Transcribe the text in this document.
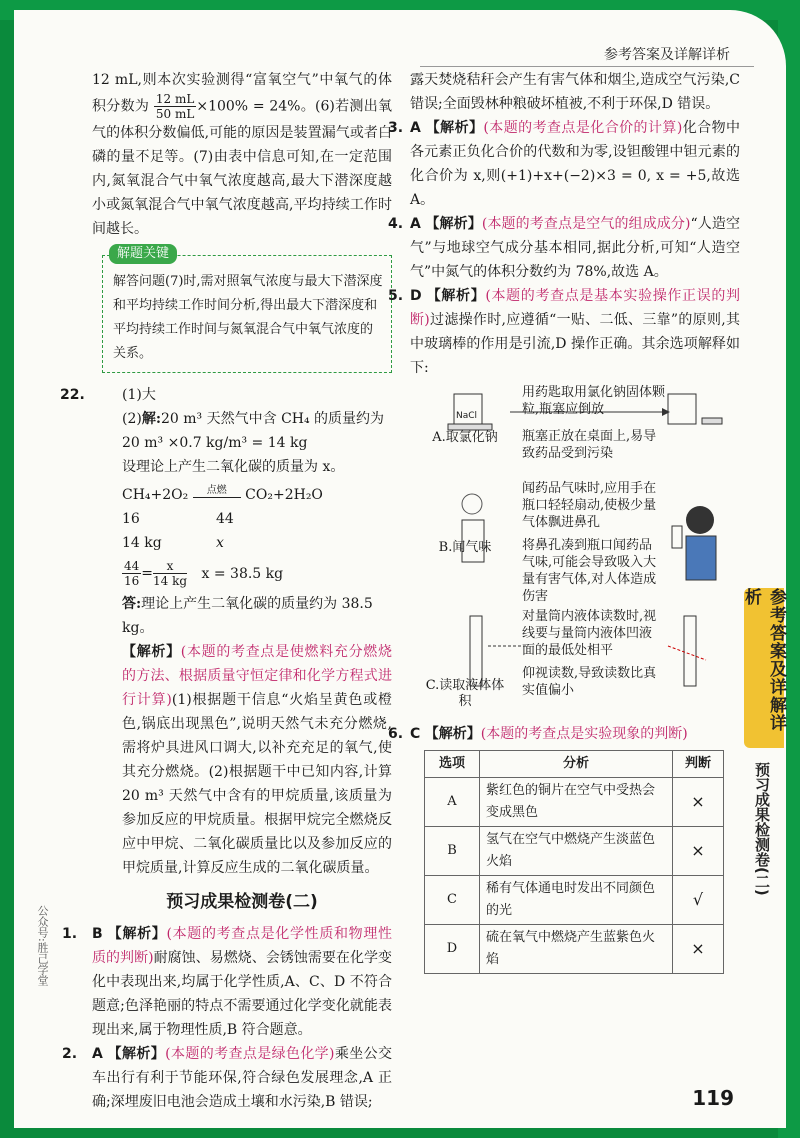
参考答案及详解详析

12 mL,则本次实验测得“富氧空气”中氧气的体积分数为 $\frac{12 mL}{50 mL} \times 100\% = 24\%$。(6)若测出氧气的体积分数偏低,可能的原因是装置漏气或者白磷的量不足等。(7)由表中信息可知,在一定范围内,氮氧混合气中氧气浓度越高,最大下潜深度越小或氮氧混合气中氧气浓度越高,平均持续工作时间越长。

解题关键
解答问题(7)时,需对照氧气浓度与最大下潜深度和平均持续工作时间分析,得出最大下潜深度和平均持续工作时间与氮氧混合气中氧气浓度的关系。
22.	(1)大
(2)解:20 m³ 天然气中含 CH₄ 的质量约为 20 m³ ×0.7 kg/m³ = 14 kg
设理论上产生二氧化碳的质量为 x。
CH₄+2O₂ 点燃 CO₂+2H₂O
16	44
14 kg	x
$\frac{44}{16} = \frac{x}{14 kg}$ x = 38.5 kg
答:理论上产生二氧化碳的质量约为 38.5 kg。

【解析】(本题的考查点是使燃料充分燃烧的方法、根据质量守恒定律和化学方程式进行计算)(1)根据题干信息“火焰呈黄色或橙色,锅底出现黑色”,说明天然气未充分燃烧,需将炉具进风口调大,以补充充足的氧气,使其充分燃烧。(2)根据题干中已知内容,计算 20 m³ 天然气中含有的甲烷质量,该质量为参加反应的甲烷质量。根据甲烷完全燃烧反应中甲烷、二氧化碳质量比以及参加反应的甲烷质量,计算反应生成的二氧化碳质量。

预习成果检测卷(二)
1. B 【解析】(本题的考查点是化学性质和物理性质的判断)耐腐蚀、易燃烧、会锈蚀需要在化学变化中表现出来,均属于化学性质,A、C、D 不符合题意;色泽艳丽的特点不需要通过化学变化就能表现出来,属于物理性质,B 符合题意。

2. A 【解析】(本题的考查点是绿色化学)乘坐公交车出行有利于节能环保,符合绿色发展理念,A 正确;深埋废旧电池会造成土壤和水污染,B 错误;

露天焚烧秸秆会产生有害气体和烟尘,造成空气污染,C 错误;全面毁林种粮破坏植被,不利于环保,D 错误。

3. A 【解析】(本题的考查点是化合价的计算)化合物中各元素正负化合价的代数和为零,设钽酸锂中钽元素的化合价为 x,则(+1)+x+(−2)×3 = 0, x = +5,故选 A。

4. A 【解析】(本题的考查点是空气的组成成分)“人造空气”与地球空气成分基本相同,据此分析,可知“人造空气”中氮气的体积分数约为 78%,故选 A。

5. D 【解析】(本题的考查点是基本实验操作正误的判断)过滤操作时,应遵循“一贴、二低、三靠”的原则,其中玻璃棒的作用是引流,D 操作正确。其余选项解释如下:

NaCl
A.取氯化钠
用药匙取用氯化钠固体颗粒,瓶塞应倒放
瓶塞正放在桌面上,易导致药品受到污染
B.闻气味
闻药品气味时,应用手在瓶口轻轻扇动,使极少量气体飘进鼻孔
将鼻孔凑到瓶口闻药品气味,可能会导致吸入大量有害气体,对人体造成伤害
C.读取液体体积
对量筒内液体读数时,视线要与量筒内液体凹液面的最低处相平
仰视读数,导致读数比真实值偏小
6. C 【解析】(本题的考查点是实验现象的判断)

选项	分析	判断
A	紫红色的铜片在空气中受热会变成黑色	×
B	氢气在空气中燃烧产生淡蓝色火焰	×
C	稀有气体通电时发出不同颜色的光	√
D	硫在氧气中燃烧产生蓝紫色火焰	×
参考答案及详解详析
预习成果检测卷(二)
公众号:胜己学堂
119
